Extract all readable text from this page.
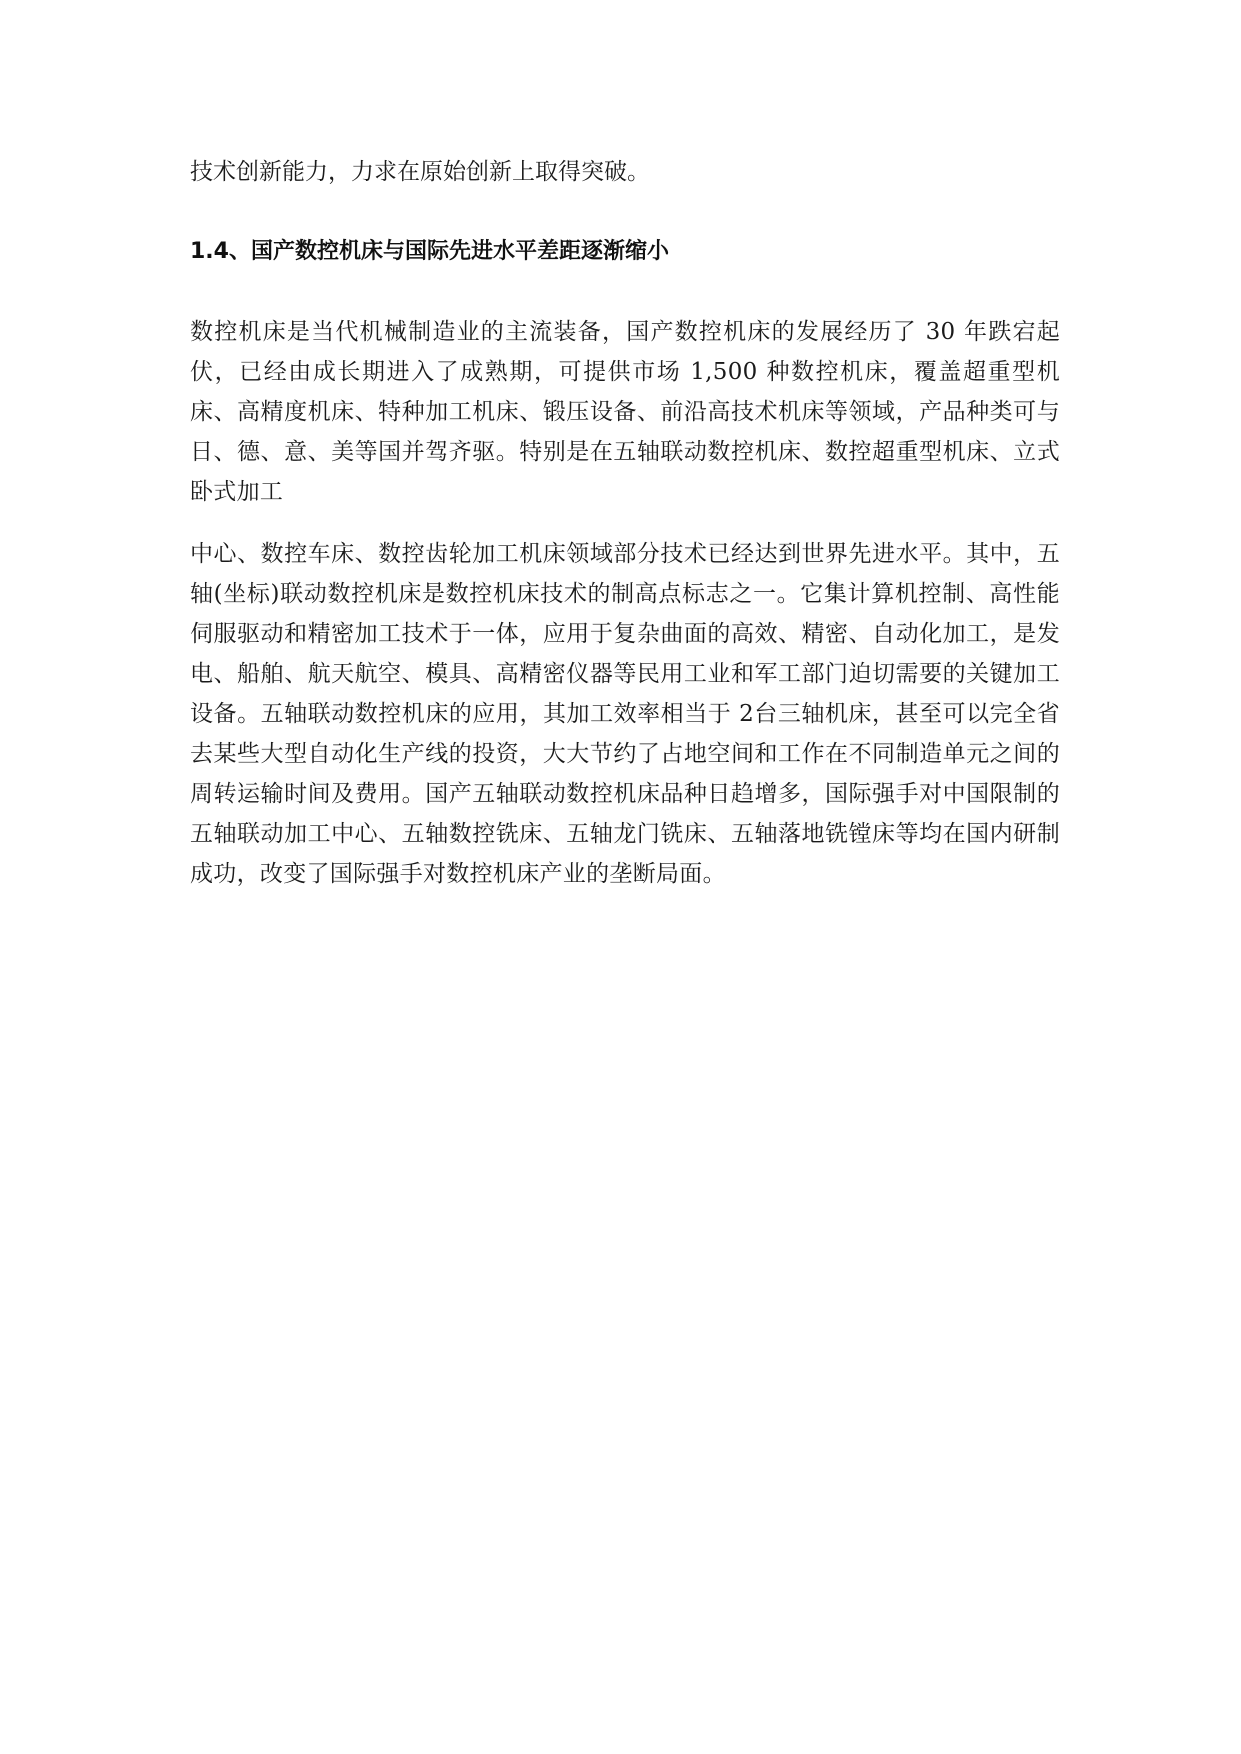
技术创新能力，力求在原始创新上取得突破。

1.4、国产数控机床与国际先进水平差距逐渐缩小

数控机床是当代机械制造业的主流装备，国产数控机床的发展经历了 30 年跌宕起伏，已经由成长期进入了成熟期，可提供市场 1,500 种数控机床，覆盖超重型机床、高精度机床、特种加工机床、锻压设备、前沿高技术机床等领域，产品种类可与日、德、意、美等国并驾齐驱。特别是在五轴联动数控机床、数控超重型机床、立式卧式加工

中心、数控车床、数控齿轮加工机床领域部分技术已经达到世界先进水平。其中，五轴(坐标)联动数控机床是数控机床技术的制高点标志之一。它集计算机控制、高性能伺服驱动和精密加工技术于一体，应用于复杂曲面的高效、精密、自动化加工，是发电、船舶、航天航空、模具、高精密仪器等民用工业和军工部门迫切需要的关键加工设备。五轴联动数控机床的应用，其加工效率相当于 2台三轴机床，甚至可以完全省去某些大型自动化生产线的投资，大大节约了占地空间和工作在不同制造单元之间的周转运输时间及费用。国产五轴联动数控机床品种日趋增多，国际强手对中国限制的五轴联动加工中心、五轴数控铣床、五轴龙门铣床、五轴落地铣镗床等均在国内研制成功，改变了国际强手对数控机床产业的垄断局面。
